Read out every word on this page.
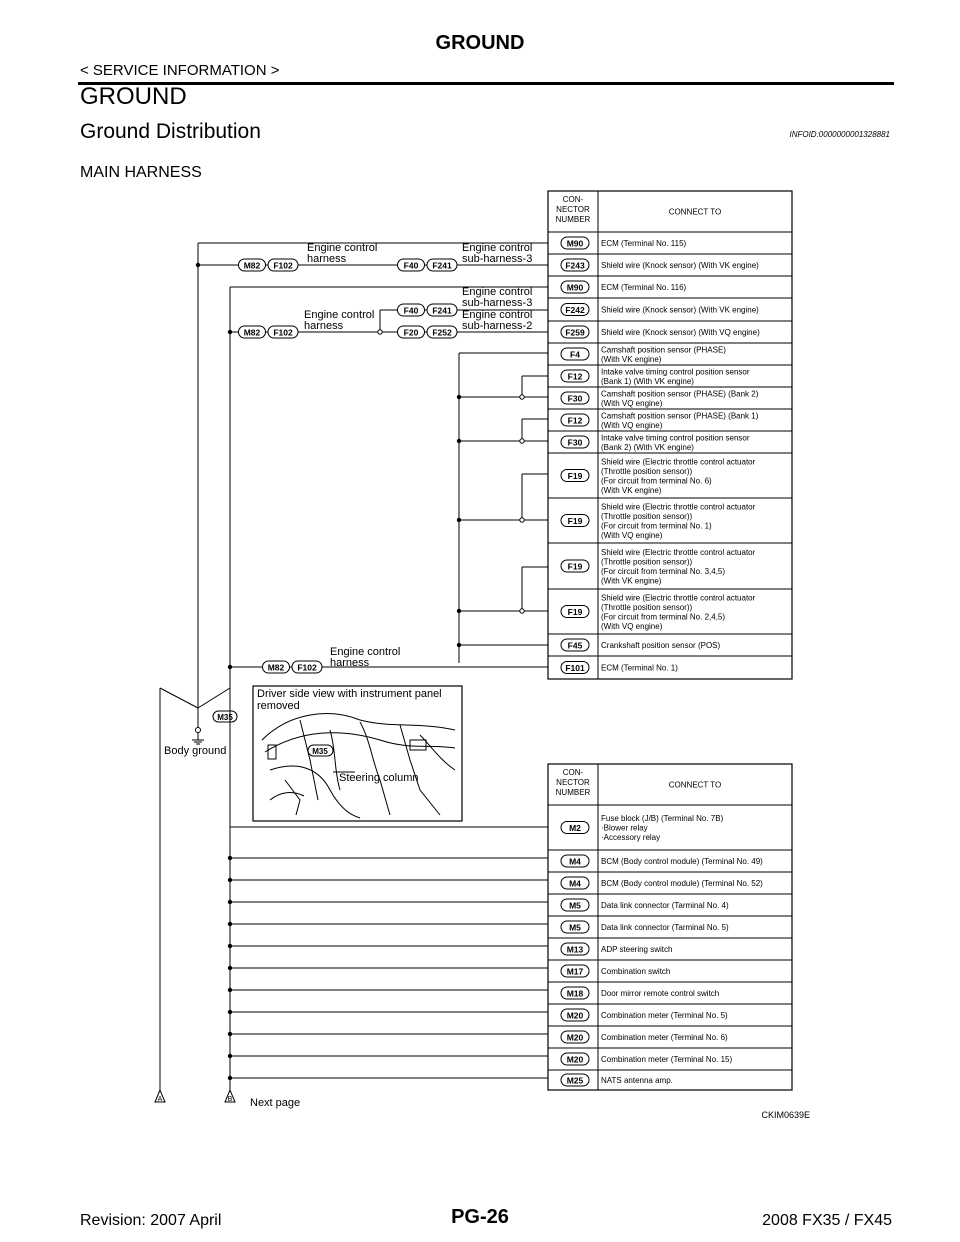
GROUND
< SERVICE INFORMATION >
GROUND
Ground Distribution	INFOID:0000000001328881
MAIN HARNESS
CON-
NECTOR
NUMBER
CONNECT TO
M90 ECM (Terminal No. 115)
F243 Shield wire (Knock sensor) (With VK engine)
M90 ECM (Terminal No. 116)
F242 Shield wire (Knock sensor) (With VK engine)
F259 Shield wire (Knock sensor) (With VQ engine)
F4	Camshaft position sensor (PHASE)
(With VK engine)
F12 Intake valve timing control position sensor
(Bank 1) (With VK engine)
F30 Camshaft position sensor (PHASE) (Bank 2)
(With VQ engine)
F12 Camshaft position sensor (PHASE) (Bank 1)
(With VQ engine)
F30 Intake valve timing control position sensor
(Bank 2) (With VK engine)
F19
Shield wire (Electric throttle control actuator
(Throttle position sensor))
(For circuit from terminal No. 6)
(With VK engine)
F19
Shield wire (Electric throttle control actuator
(Throttle position sensor))
(For circuit from terminal No. 1)
(With VQ engine)
F19
Shield wire (Electric throttle control actuator
(Throttle position sensor))
(For circuit from terminal No. 3,4,5)
(With VK engine)
F19
Shield wire (Electric throttle control actuator
(Throttle position sensor))
(For circuit from terminal No. 2,4,5)
(With VQ engine)
F45 Crankshaft position sensor (POS)
F101 ECM (Terminal No. 1)
CON-
NECTOR
NUMBER
CONNECT TO
M2
Fuse block (J/B) (Terminal No. 7B)
·Blower relay
·Accessory relay
M4	BCM (Body control module) (Terminal No. 49)
M4	BCM (Body control module) (Terminal No. 52)
M5	Data link connector (Tarminal No. 4)
M5	Data link connector (Tarminal No. 5)
M13 ADP steering switch
M17 Combination switch
M18 Door mirror remote control switch
M20 Combination meter (Terminal No. 5)
M20 Combination meter (Terminal No. 6)
M20 Combination meter (Terminal No. 15)
M25 NATS antenna amp.
M82 F102	F40 F241
F40 F241
M82 F102	F20 F252
M82 F102
Engine control
harness
Engine control
sub-harness-3
Engine control
sub-harness-3
Engine control
sub-harness-2
Engine control
harness
Engine control
harness
M35
Body ground
Driver side view with instrument panel
removed
M35
Steering column
A	B Next page
CKIM0639E
PG-26
Revision: 2007 April	2008 FX35 / FX45
